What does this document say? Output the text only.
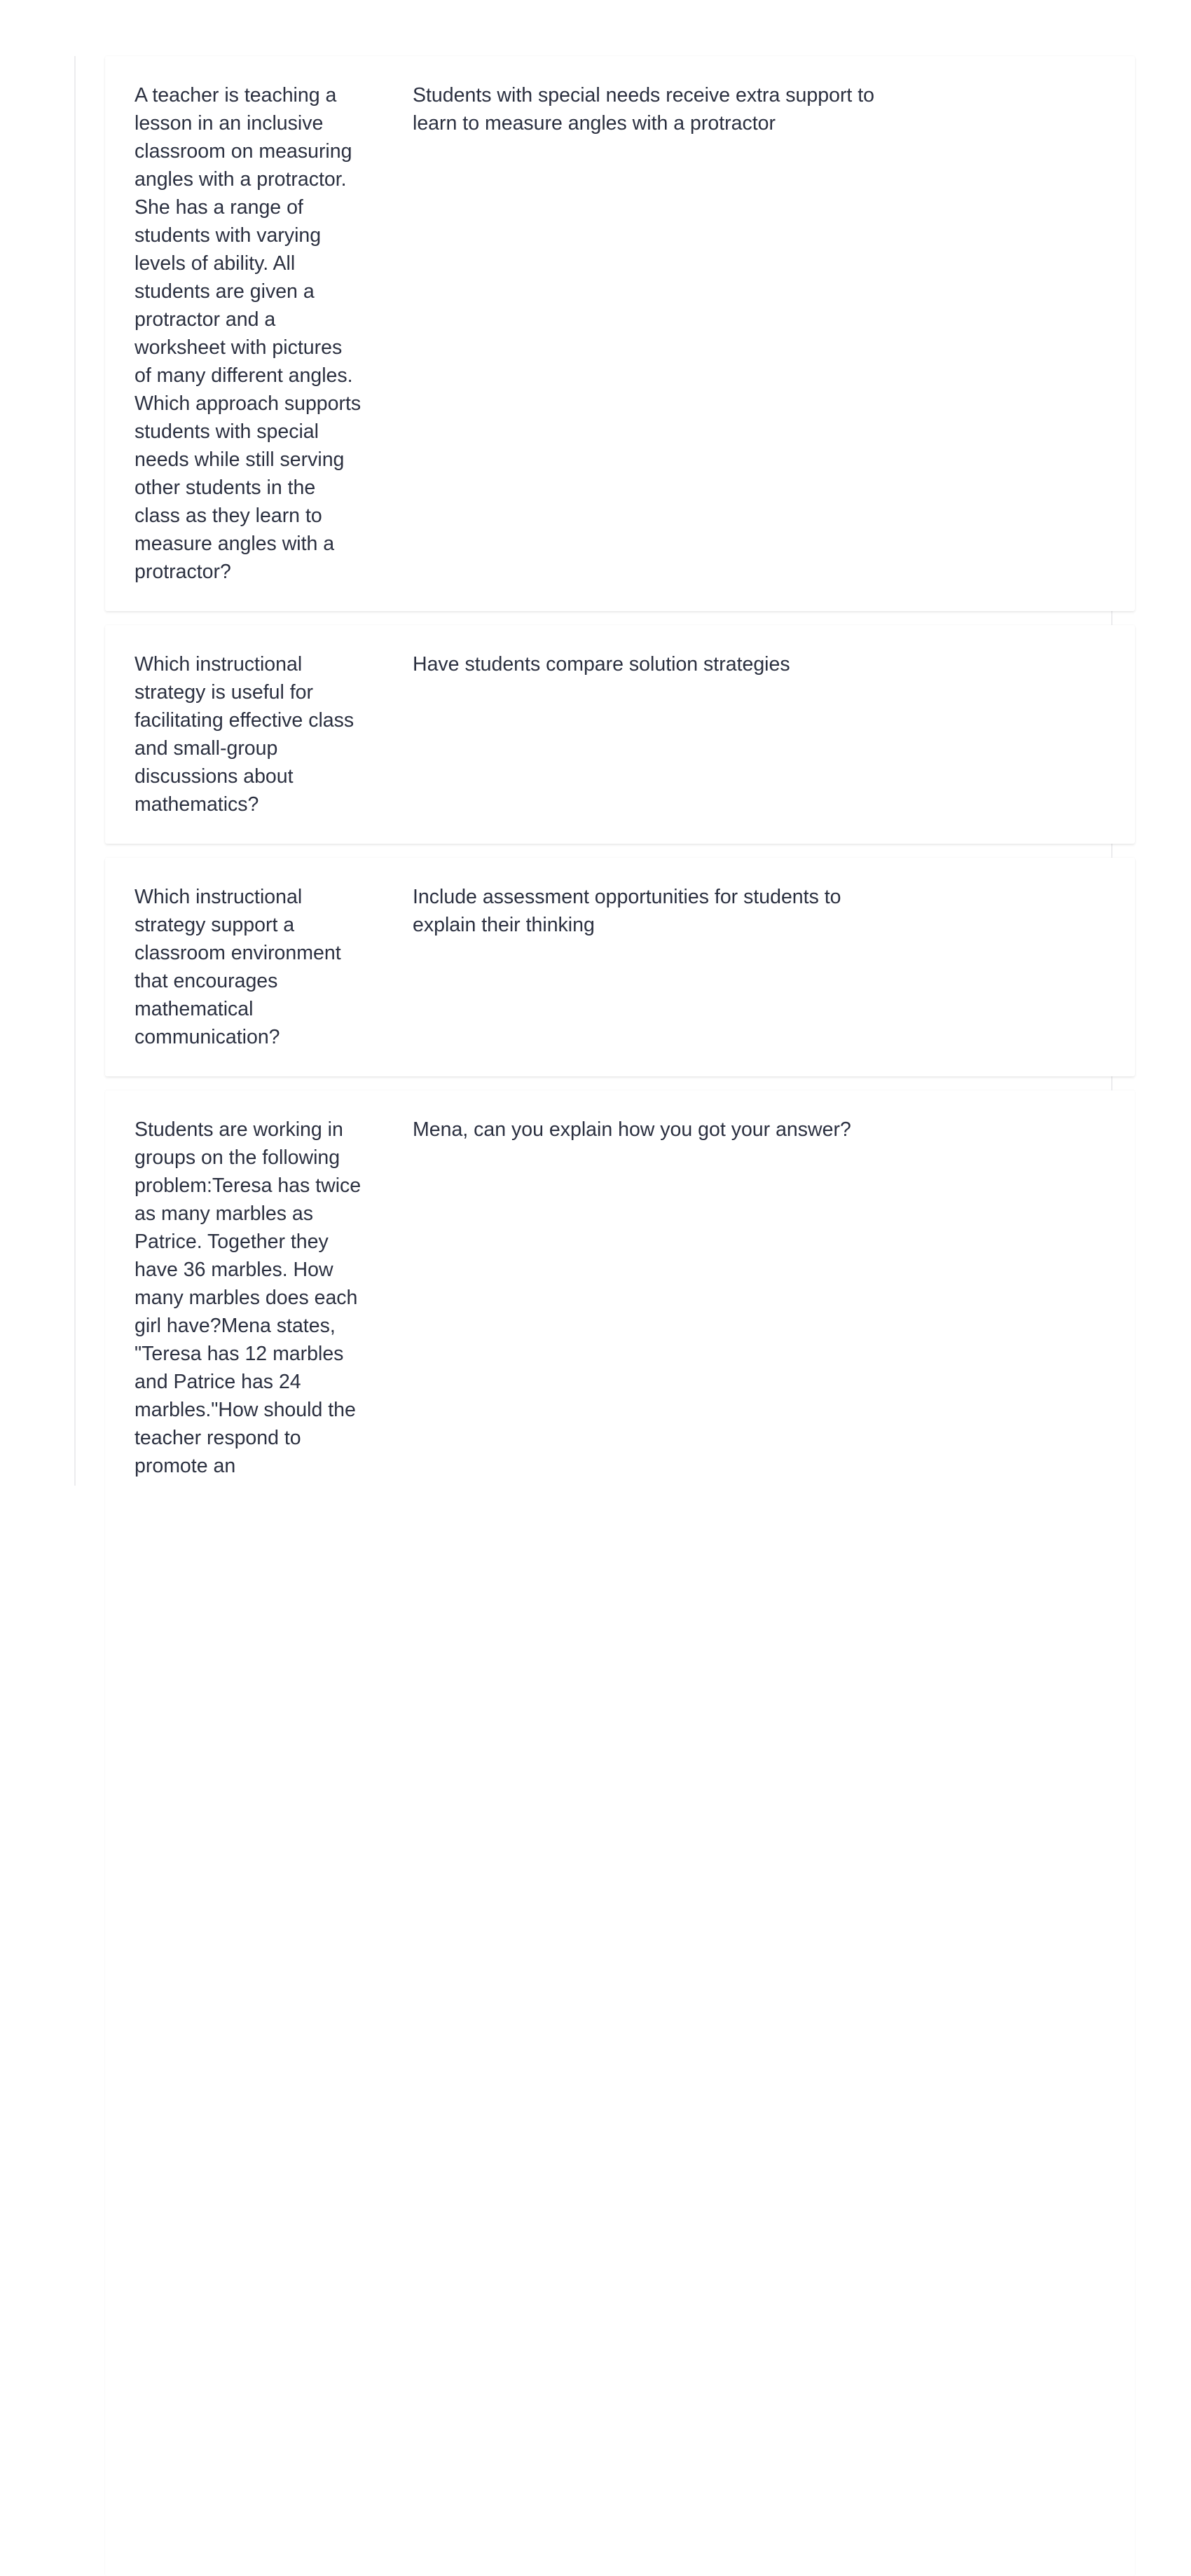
A teacher is teaching a lesson in an inclusive classroom on measuring angles with a protractor. She has a range of students with varying levels of ability. All students are given a protractor and a worksheet with pictures of many different angles. Which approach supports students with special needs while still serving other students in the class as they learn to measure angles with a protractor?
Students with special needs receive extra support to learn to measure angles with a protractor
Which instructional strategy is useful for facilitating effective class and small-group discussions about mathematics?
Have students compare solution strategies
Which instructional strategy support a classroom environment that encourages mathematical communication?
Include assessment opportunities for students to explain their thinking
Students are working in groups on the following problem:Teresa has twice as many marbles as Patrice. Together they have 36 marbles. How many marbles does each girl have?Mena states, "Teresa has 12 marbles and Patrice has 24 marbles."How should the teacher respond to promote an
Mena, can you explain how you got your answer?
